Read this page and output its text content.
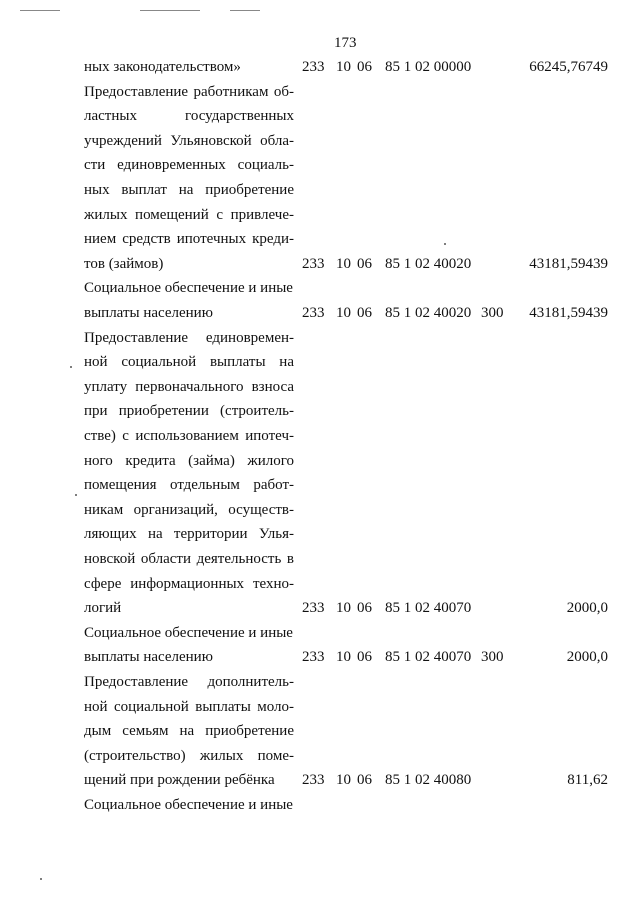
173
ных законодательством»	233 10 06 85 1 02 00000	66245,76749
Предоставление работникам об-
ластных государственных
учреждений Ульяновской обла-
сти единовременных социаль-
ных выплат на приобретение
жилых помещений с привлече-
нием средств ипотечных креди-
тов (займов)	233 10 06 85 1 02 40020	43181,59439
Социальное обеспечение и иные
выплаты населению	233 10 06 85 1 02 40020 300 43181,59439
Предоставление единовремен-
ной социальной выплаты на
уплату первоначального взноса
при приобретении (строитель-
стве) с использованием ипотеч-
ного кредита (займа) жилого
помещения отдельным работ-
никам организаций, осуществ-
ляющих на территории Улья-
новской области деятельность в
сфере информационных техно-
логий	233 10 06 85 1 02 40070	2000,0
Социальное обеспечение и иные
выплаты населению	233 10 06 85 1 02 40070 300	2000,0
Предоставление дополнитель-
ной социальной выплаты моло-
дым семьям на приобретение
(строительство) жилых поме-
щений при рождении ребёнка	233 10 06 85 1 02 40080	811,62
Социальное обеспечение и иные
